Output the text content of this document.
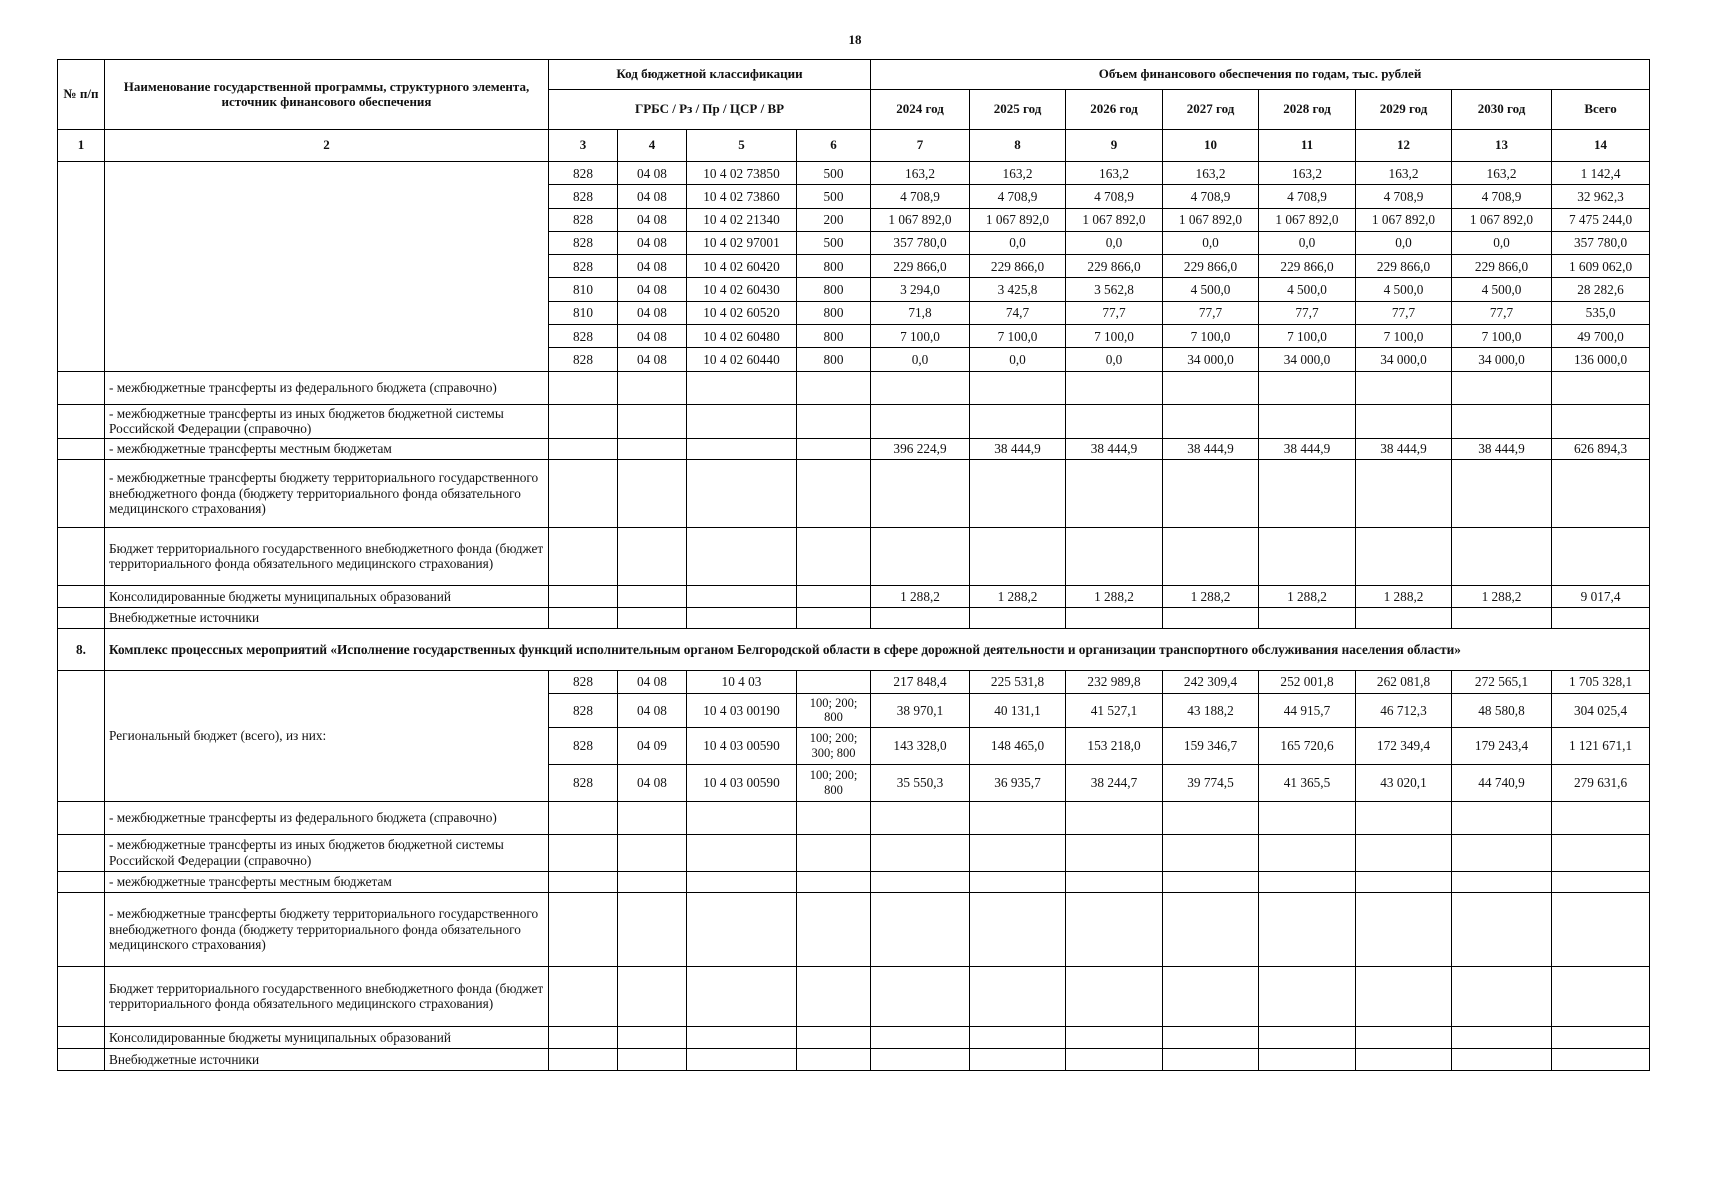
18
№ п/п	Наименование государственной программы, структурного элемента, источник финансового обеспечения	Код бюджетной классификации				Объем финансового обеспечения по годам, тыс. рублей							
		ГРБС / Рз / Пр / ЦСР / ВР				2024 год	2025 год	2026 год	2027 год	2028 год	2029 год	2030 год	Всего
1	2	3	4	5	6	7	8	9	10	11	12	13	14
		828	04 08	10 4 02 73850	500	163,2	163,2	163,2	163,2	163,2	163,2	163,2	1 142,4
		828	04 08	10 4 02 73860	500	4 708,9	4 708,9	4 708,9	4 708,9	4 708,9	4 708,9	4 708,9	32 962,3
		828	04 08	10 4 02 21340	200	1 067 892,0	1 067 892,0	1 067 892,0	1 067 892,0	1 067 892,0	1 067 892,0	1 067 892,0	7 475 244,0
		828	04 08	10 4 02 97001	500	357 780,0	0,0	0,0	0,0	0,0	0,0	0,0	357 780,0
		828	04 08	10 4 02 60420	800	229 866,0	229 866,0	229 866,0	229 866,0	229 866,0	229 866,0	229 866,0	1 609 062,0
		810	04 08	10 4 02 60430	800	3 294,0	3 425,8	3 562,8	4 500,0	4 500,0	4 500,0	4 500,0	28 282,6
		810	04 08	10 4 02 60520	800	71,8	74,7	77,7	77,7	77,7	77,7	77,7	535,0
		828	04 08	10 4 02 60480	800	7 100,0	7 100,0	7 100,0	7 100,0	7 100,0	7 100,0	7 100,0	49 700,0
		828	04 08	10 4 02 60440	800	0,0	0,0	0,0	34 000,0	34 000,0	34 000,0	34 000,0	136 000,0
	- межбюджетные трансферты из федерального бюджета (справочно)												
	- межбюджетные трансферты из иных бюджетов бюджетной системы Российской Федерации (справочно)												
	- межбюджетные трансферты местным бюджетам					396 224,9	38 444,9	38 444,9	38 444,9	38 444,9	38 444,9	38 444,9	626 894,3
	- межбюджетные трансферты бюджету территориального государственного внебюджетного фонда (бюджету территориального фонда обязательного медицинского страхования)												
	Бюджет территориального государственного внебюджетного фонда (бюджет территориального фонда обязательного медицинского страхования)												
	Консолидированные бюджеты муниципальных образований					1 288,2	1 288,2	1 288,2	1 288,2	1 288,2	1 288,2	1 288,2	9 017,4
	Внебюджетные источники												
8.	Комплекс процессных мероприятий «Исполнение государственных функций исполнительным органом Белгородской области в сфере дорожной деятельности и организации транспортного обслуживания населения области»												
	Региональный бюджет (всего), из них:	828	04 08	10 4 03		217 848,4	225 531,8	232 989,8	242 309,4	252 001,8	262 081,8	272 565,1	1 705 328,1
		828	04 08	10 4 03 00190	100; 200; 800	38 970,1	40 131,1	41 527,1	43 188,2	44 915,7	46 712,3	48 580,8	304 025,4
		828	04 09	10 4 03 00590	100; 200; 300; 800	143 328,0	148 465,0	153 218,0	159 346,7	165 720,6	172 349,4	179 243,4	1 121 671,1
		828	04 08	10 4 03 00590	100; 200; 800	35 550,3	36 935,7	38 244,7	39 774,5	41 365,5	43 020,1	44 740,9	279 631,6
	- межбюджетные трансферты из федерального бюджета (справочно)												
	- межбюджетные трансферты из иных бюджетов бюджетной системы Российской Федерации (справочно)												
	- межбюджетные трансферты местным бюджетам												
	- межбюджетные трансферты бюджету территориального государственного внебюджетного фонда (бюджету территориального фонда обязательного медицинского страхования)												
	Бюджет территориального государственного внебюджетного фонда (бюджет территориального фонда обязательного медицинского страхования)												
	Консолидированные бюджеты муниципальных образований												
	Внебюджетные источники												
